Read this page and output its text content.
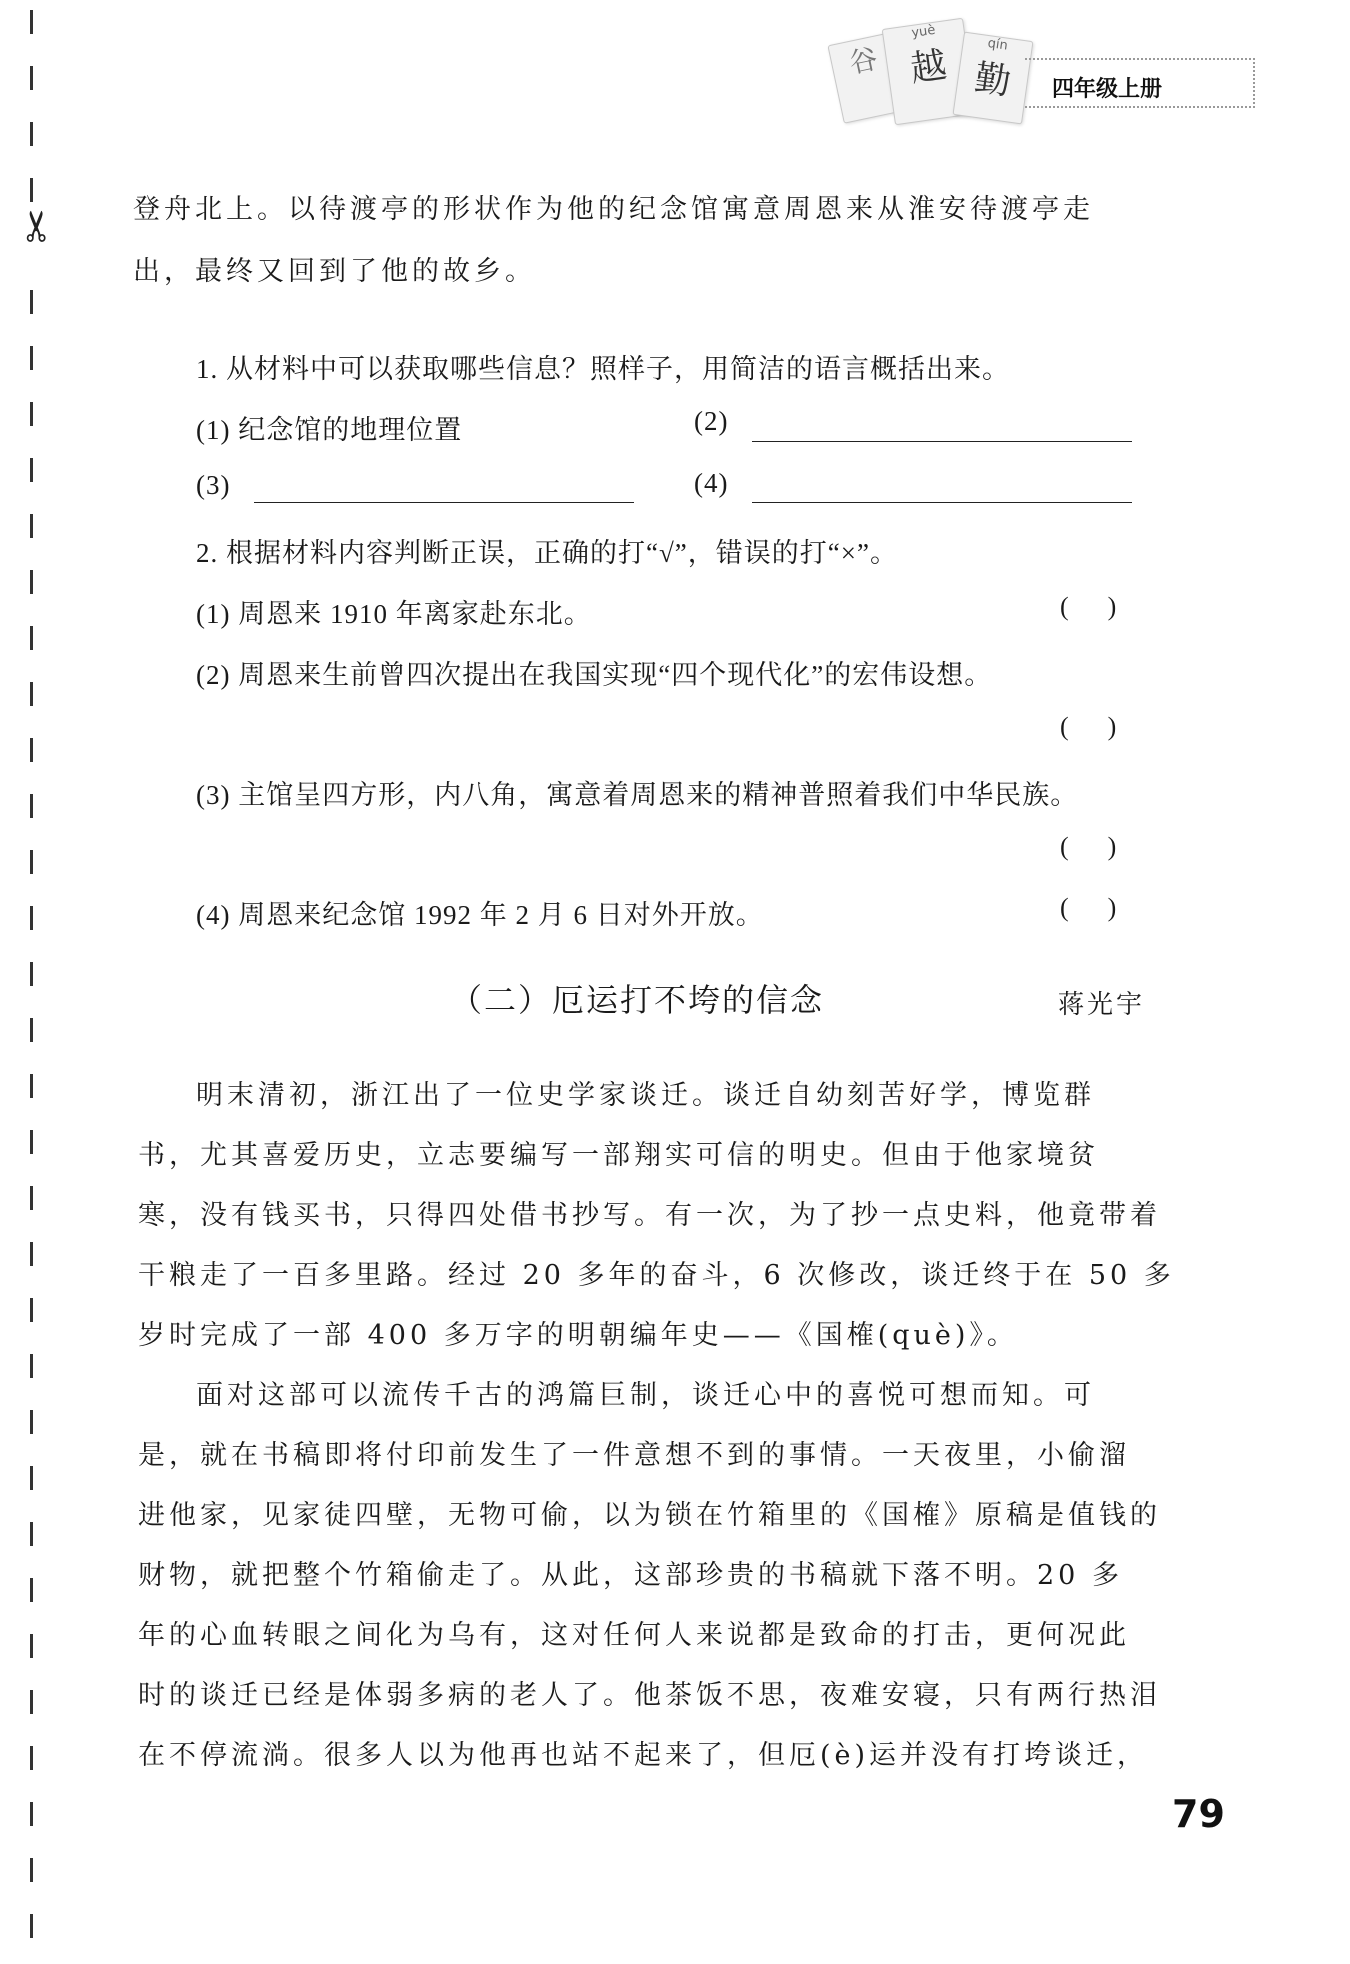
✂
谷
yuè
越	qín
勤	四年级上册
登舟北上。以待渡亭的形状作为他的纪念馆寓意周恩来从淮安待渡亭走
出，最终又回到了他的故乡。
1. 从材料中可以获取哪些信息？照样子，用简洁的语言概括出来。
(1) 纪念馆的地理位置	(2)
(3)	(4)
2. 根据材料内容判断正误，正确的打“√”，错误的打“×”。
(1) 周恩来 1910 年离家赴东北。	(      )
(2) 周恩来生前曾四次提出在我国实现“四个现代化”的宏伟设想。
(      )
(3) 主馆呈四方形，内八角，寓意着周恩来的精神普照着我们中华民族。
(      )
(4) 周恩来纪念馆 1992 年 2 月 6 日对外开放。	(      )
（二）厄运打不垮的信念	蒋光宇
明末清初，浙江出了一位史学家谈迁。谈迁自幼刻苦好学，博览群
书，尤其喜爱历史，立志要编写一部翔实可信的明史。但由于他家境贫
寒，没有钱买书，只得四处借书抄写。有一次，为了抄一点史料，他竟带着
干粮走了一百多里路。经过 20 多年的奋斗，6 次修改，谈迁终于在 50 多
岁时完成了一部 400 多万字的明朝编年史——《国榷(què)》。
面对这部可以流传千古的鸿篇巨制，谈迁心中的喜悦可想而知。可
是，就在书稿即将付印前发生了一件意想不到的事情。一天夜里，小偷溜
进他家，见家徒四壁，无物可偷，以为锁在竹箱里的《国榷》原稿是值钱的
财物，就把整个竹箱偷走了。从此，这部珍贵的书稿就下落不明。20 多
年的心血转眼之间化为乌有，这对任何人来说都是致命的打击，更何况此
时的谈迁已经是体弱多病的老人了。他茶饭不思，夜难安寝，只有两行热泪
在不停流淌。很多人以为他再也站不起来了，但厄(è)运并没有打垮谈迁，
79
